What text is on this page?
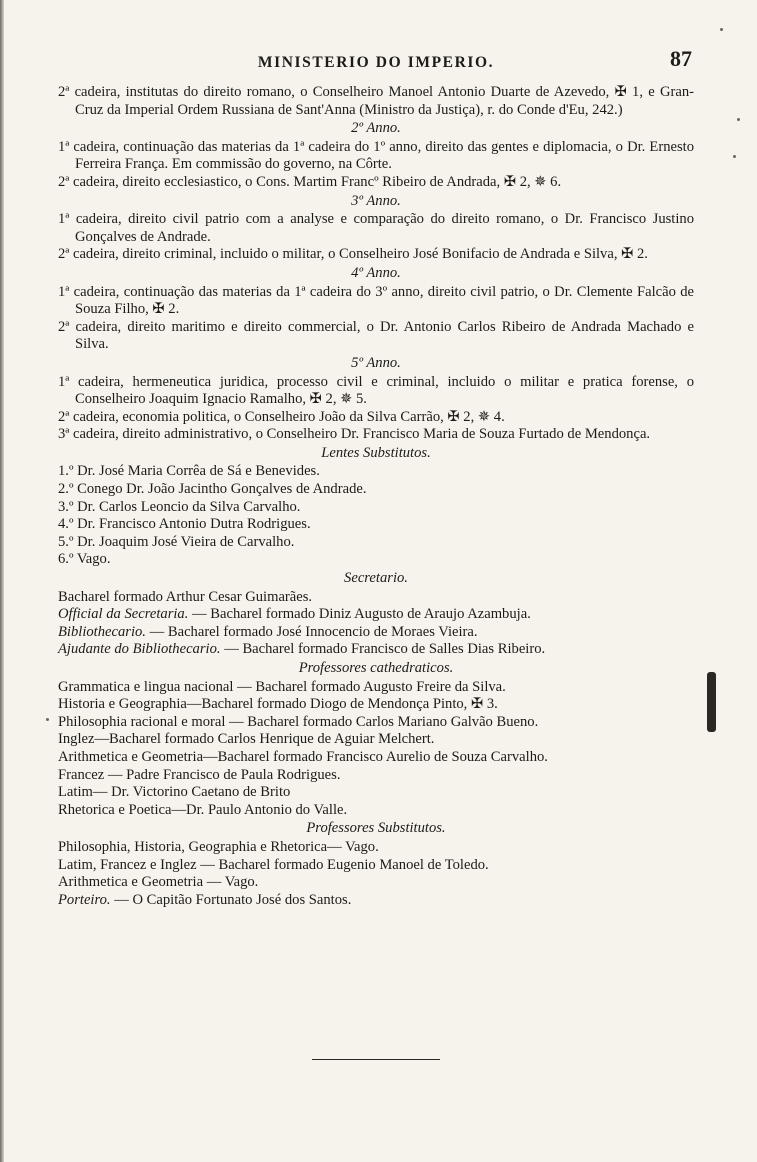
MINISTERIO DO IMPERIO.	87
2ª cadeira, institutas do direito romano, o Conselheiro Manoel Antonio Duarte de Azevedo, ✠ 1, e Gran-Cruz da Imperial Ordem Russiana de Sant'Anna (Ministro da Justiça), r. do Conde d'Eu, 242.)
2º Anno.
1ª cadeira, continuação das materias da 1ª cadeira do 1º anno, direito das gentes e diplomacia, o Dr. Ernesto Ferreira França. Em commissão do governo, na Côrte.
2ª cadeira, direito ecclesiastico, o Cons. Martim Francº Ribeiro de Andrada, ✠ 2, ✵ 6.
3º Anno.
1ª cadeira, direito civil patrio com a analyse e comparação do direito romano, o Dr. Francisco Justino Gonçalves de Andrade.
2ª cadeira, direito criminal, incluido o militar, o Conselheiro José Bonifacio de Andrada e Silva, ✠ 2.
4º Anno.
1ª cadeira, continuação das materias da 1ª cadeira do 3º anno, direito civil patrio, o Dr. Clemente Falcão de Souza Filho, ✠ 2.
2ª cadeira, direito maritimo e direito commercial, o Dr. Antonio Carlos Ribeiro de Andrada Machado e Silva.
5º Anno.
1ª cadeira, hermeneutica juridica, processo civil e criminal, incluido o militar e pratica forense, o Conselheiro Joaquim Ignacio Ramalho, ✠ 2, ✵ 5.
2ª cadeira, economia politica, o Conselheiro João da Silva Carrão, ✠ 2, ✵ 4.
3ª cadeira, direito administrativo, o Conselheiro Dr. Francisco Maria de Souza Furtado de Mendonça.
Lentes Substitutos.
1.º Dr. José Maria Corrêa de Sá e Benevides.
2.º Conego Dr. João Jacintho Gonçalves de Andrade.
3.º Dr. Carlos Leoncio da Silva Carvalho.
4.º Dr. Francisco Antonio Dutra Rodrigues.
5.º Dr. Joaquim José Vieira de Carvalho.
6.º Vago.
Secretario.
Bacharel formado Arthur Cesar Guimarães.
Official da Secretaria. — Bacharel formado Diniz Augusto de Araujo Azambuja.
Bibliothecario. — Bacharel formado José Innocencio de Moraes Vieira.
Ajudante do Bibliothecario. — Bacharel formado Francisco de Salles Dias Ribeiro.
Professores cathedraticos.
Grammatica e lingua nacional — Bacharel formado Augusto Freire da Silva.
Historia e Geographia—Bacharel formado Diogo de Mendonça Pinto, ✠ 3.
Philosophia racional e moral — Bacharel formado Carlos Mariano Galvão Bueno.
Inglez—Bacharel formado Carlos Henrique de Aguiar Melchert.
Arithmetica e Geometria—Bacharel formado Francisco Aurelio de Souza Carvalho.
Francez — Padre Francisco de Paula Rodrigues.
Latim— Dr. Victorino Caetano de Brito
Rhetorica e Poetica—Dr. Paulo Antonio do Valle.
Professores Substitutos.
Philosophia, Historia, Geographia e Rhetorica— Vago.
Latim, Francez e Inglez — Bacharel formado Eugenio Manoel de Toledo.
Arithmetica e Geometria — Vago.
Porteiro. — O Capitão Fortunato José dos Santos.
